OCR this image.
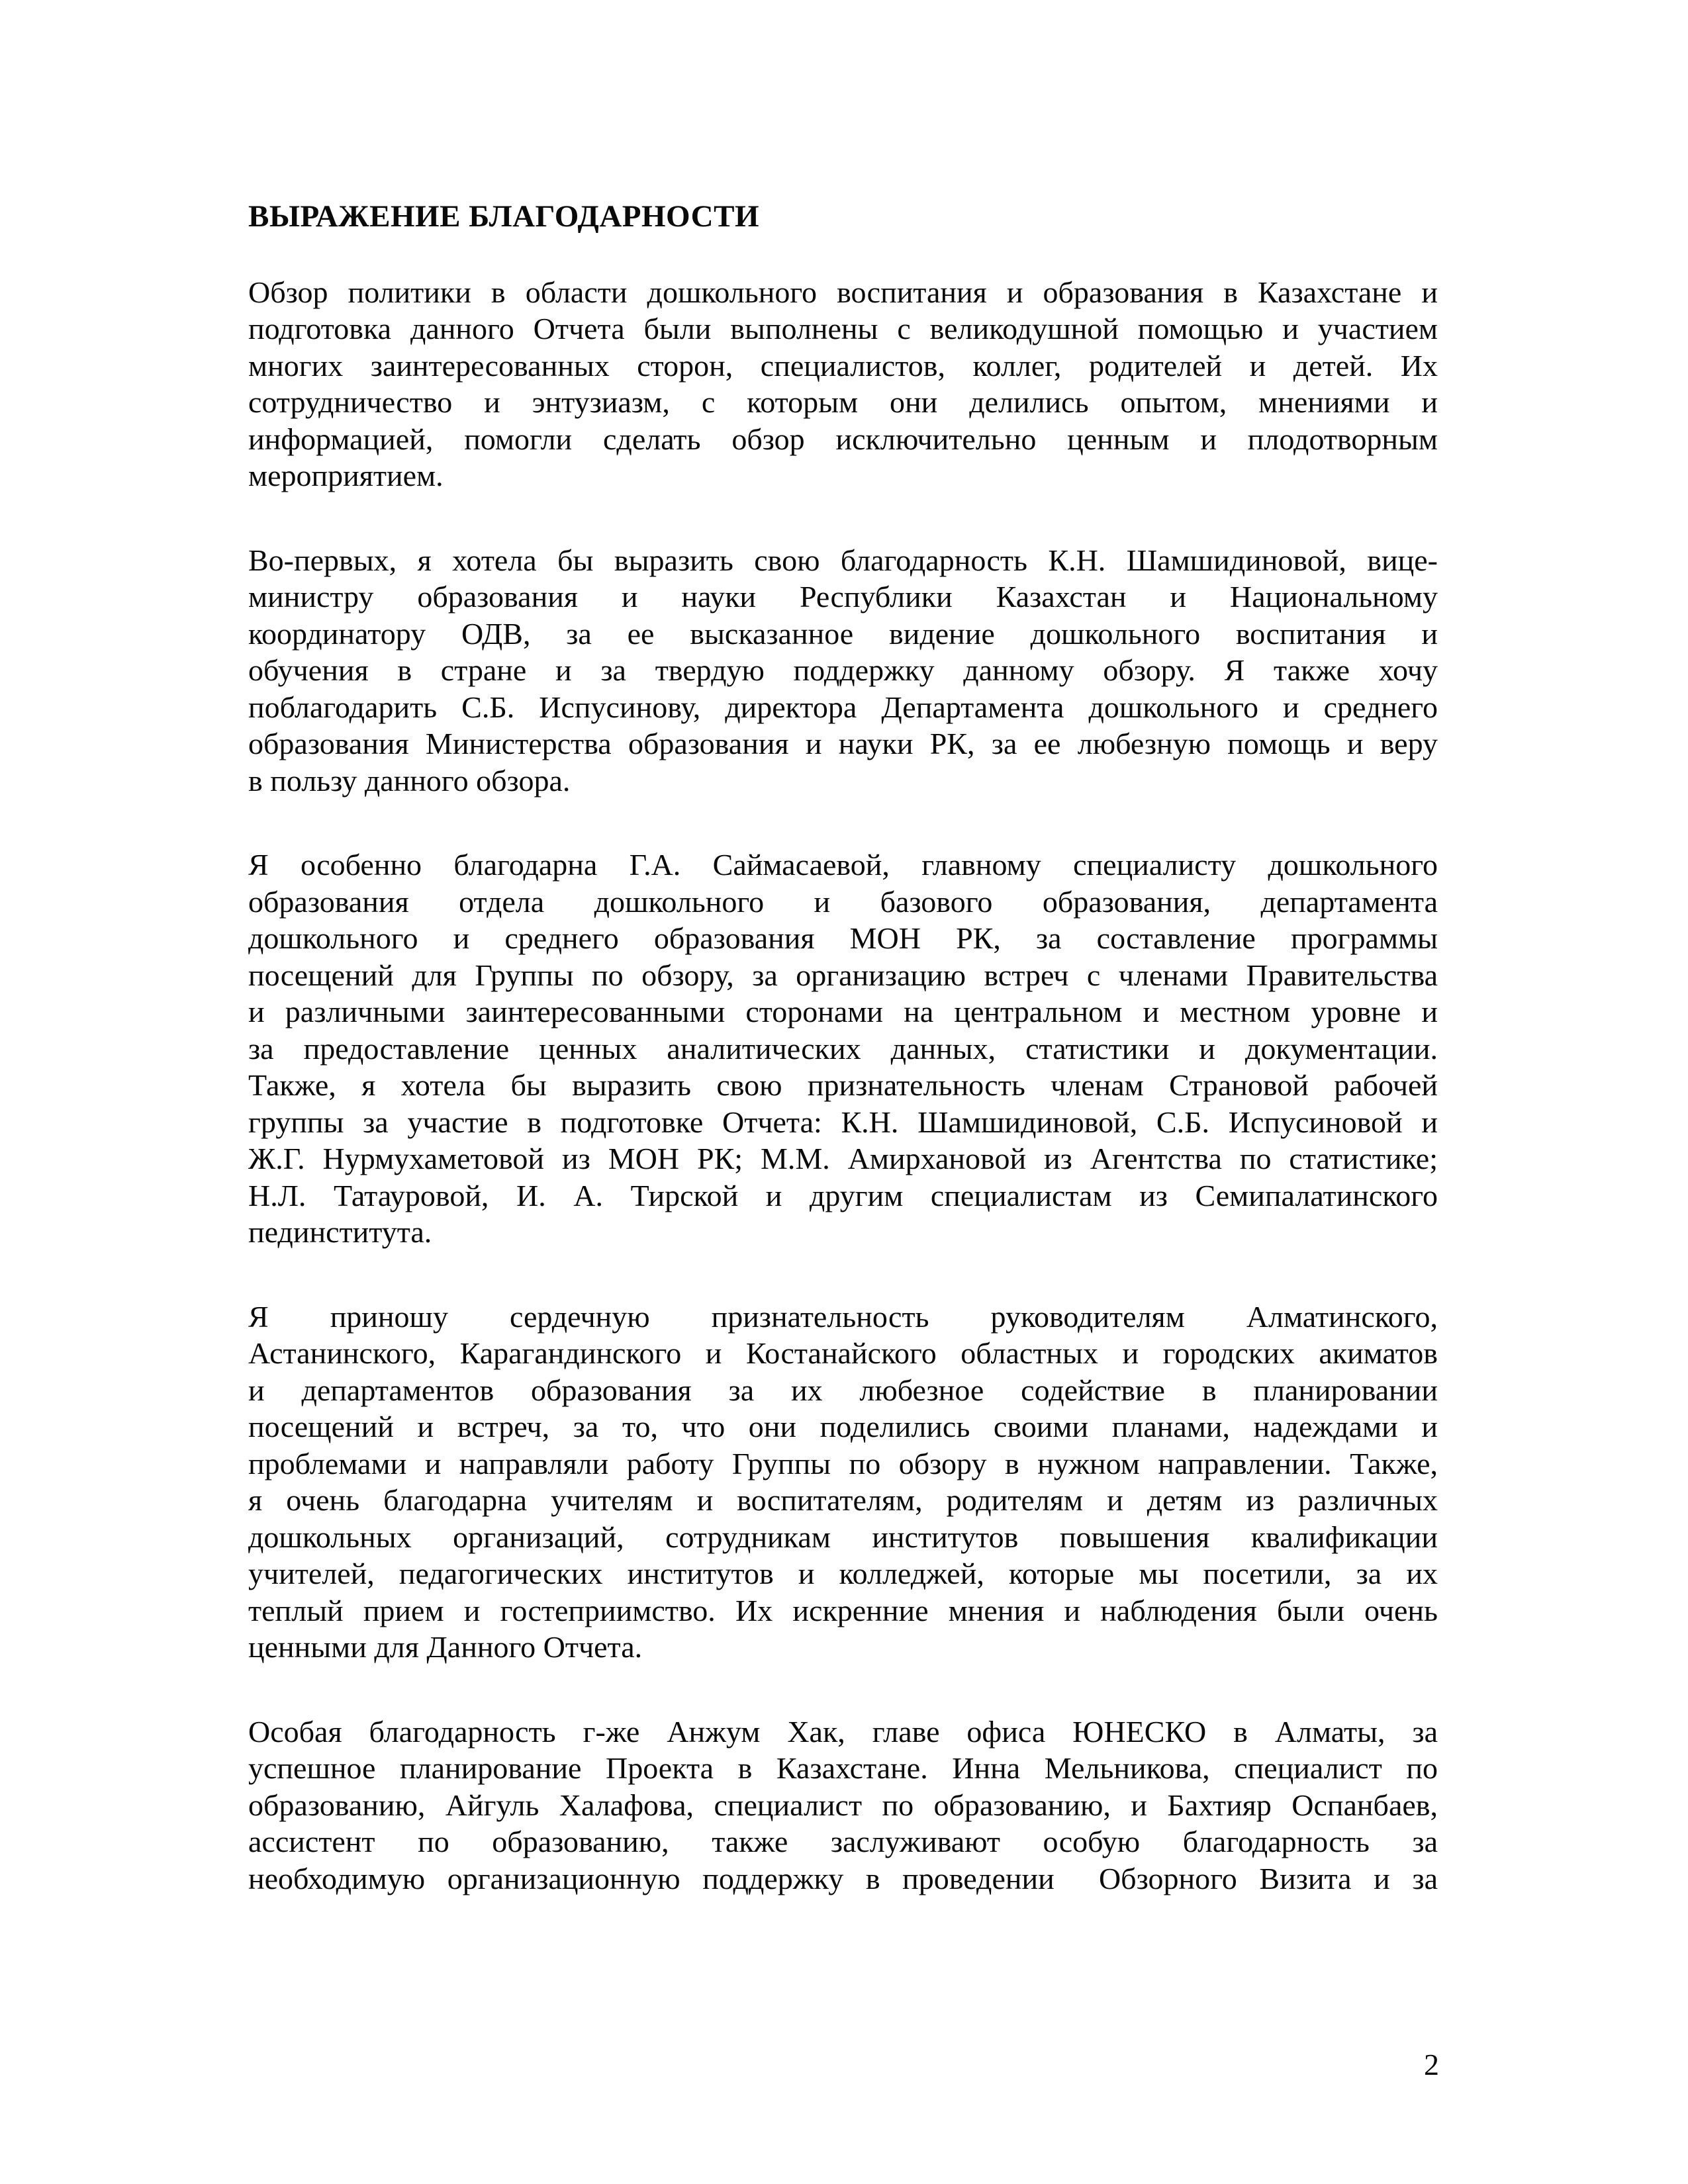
ВЫРАЖЕНИЕ БЛАГОДАРНОСТИ
Обзор политики в области дошкольного воспитания и образования в Казахстане и
подготовка данного Отчета были выполнены с великодушной помощью и участием
многих заинтересованных сторон, специалистов, коллег, родителей и детей. Их
сотрудничество и энтузиазм, с которым они делились опытом, мнениями и
информацией, помогли сделать обзор исключительно ценным и плодотворным
мероприятием.
Во-первых, я хотела бы выразить свою благодарность К.Н. Шамшидиновой, вице-
министру образования и науки Республики Казахстан и Национальному
координатору ОДВ, за ее высказанное видение дошкольного воспитания и
обучения в стране и за твердую поддержку данному обзору. Я также хочу
поблагодарить С.Б. Испусинову, директора Департамента дошкольного и среднего
образования Министерства образования и науки РК, за ее любезную помощь и веру
в пользу данного обзора.
Я особенно благодарна Г.А. Саймасаевой, главному специалисту дошкольного
образования отдела дошкольного и базового образования, департамента
дошкольного и среднего образования МОН РК, за составление программы
посещений для Группы по обзору, за организацию встреч с членами Правительства
и различными заинтересованными сторонами на центральном и местном уровне и
за предоставление ценных аналитических данных, статистики и документации.
Также, я хотела бы выразить свою признательность членам Страновой рабочей
группы за участие в подготовке Отчета: К.Н. Шамшидиновой, С.Б. Испусиновой и
Ж.Г. Нурмухаметовой из МОН РК; М.М. Амирхановой из Агентства по статистике;
Н.Л. Татауровой, И. А. Тирской и другим специалистам из Семипалатинского
пединститута.
Я приношу сердечную признательность руководителям Алматинского,
Астанинского, Карагандинского и Костанайского областных и городских акиматов
и департаментов образования за их любезное содействие в планировании
посещений и встреч, за то, что они поделились своими планами, надеждами и
проблемами и направляли работу Группы по обзору в нужном направлении. Также,
я очень благодарна учителям и воспитателям, родителям и детям из различных
дошкольных организаций, сотрудникам институтов повышения квалификации
учителей, педагогических институтов и колледжей, которые мы посетили, за их
теплый прием и гостеприимство. Их искренние мнения и наблюдения были очень
ценными для Данного Отчета.
Особая благодарность г-же Анжум Хак, главе офиса ЮНЕСКО в Алматы, за
успешное планирование Проекта в Казахстане. Инна Мельникова, специалист по
образованию, Айгуль Халафова, специалист по образованию, и Бахтияр Оспанбаев,
ассистент по образованию, также заслуживают особую благодарность за
необходимую организационную поддержку в проведении  Обзорного Визита и за
2
